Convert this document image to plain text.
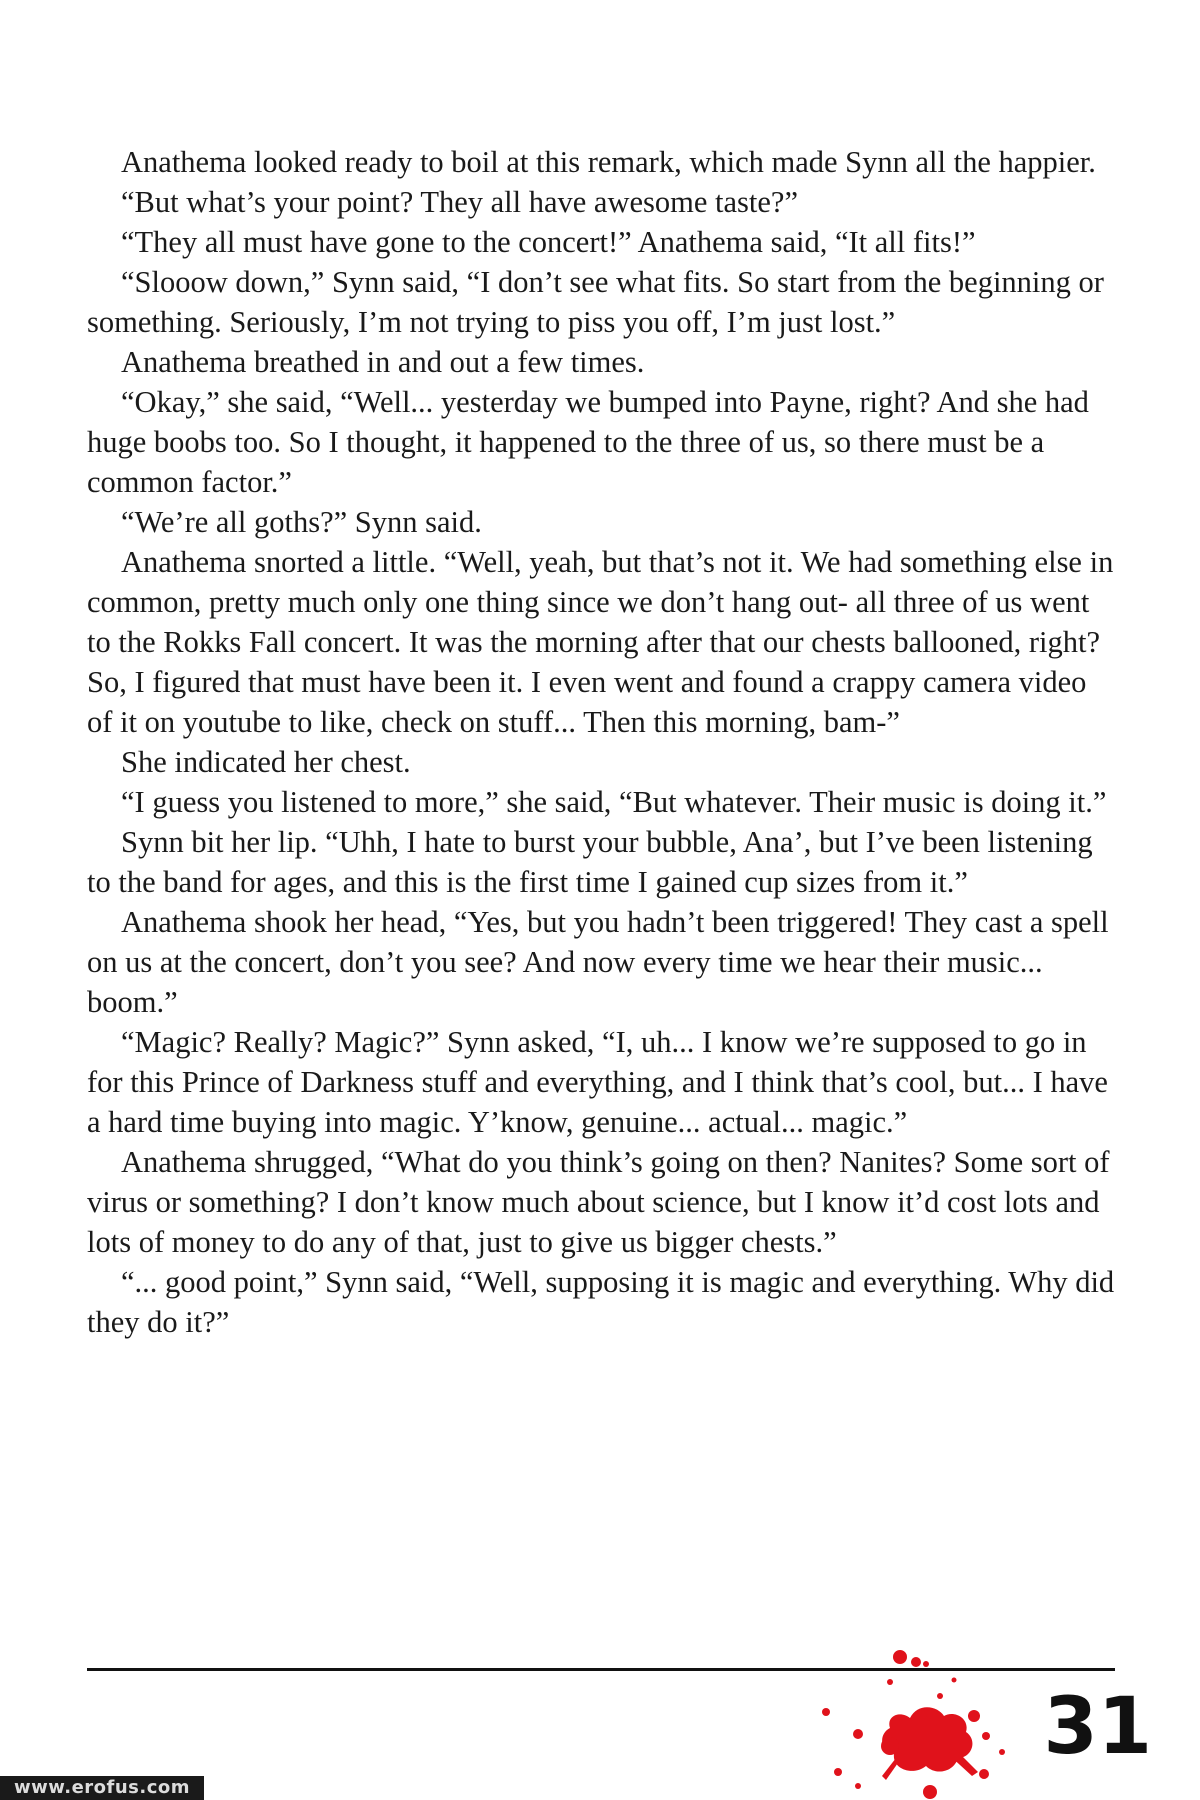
Anathema looked ready to boil at this remark, which made Synn all the happier.

“But what’s your point? They all have awesome taste?”

“They all must have gone to the concert!” Anathema said, “It all fits!”

“Slooow down,” Synn said, “I don’t see what fits. So start from the beginning or something. Seriously, I’m not trying to piss you off, I’m just lost.”

Anathema breathed in and out a few times.

“Okay,” she said, “Well... yesterday we bumped into Payne, right? And she had huge boobs too. So I thought, it happened to the three of us, so there must be a common factor.”

“We’re all goths?” Synn said.

Anathema snorted a little. “Well, yeah, but that’s not it. We had something else in common, pretty much only one thing since we don’t hang out- all three of us went to the Rokks Fall concert. It was the morning after that our chests ballooned, right? So, I figured that must have been it. I even went and found a crappy camera video of it on youtube to like, check on stuff... Then this morning, bam-”

She indicated her chest.

“I guess you listened to more,” she said, “But whatever. Their music is doing it.”

Synn bit her lip. “Uhh, I hate to burst your bubble, Ana’, but I’ve been listening to the band for ages, and this is the first time I gained cup sizes from it.”

Anathema shook her head, “Yes, but you hadn’t been triggered! They cast a spell on us at the concert, don’t you see? And now every time we hear their music... boom.”

“Magic? Really? Magic?” Synn asked, “I, uh... I know we’re supposed to go in for this Prince of Darkness stuff and everything, and I think that’s cool, but... I have a hard time buying into magic. Y’know, genuine... actual... magic.”

Anathema shrugged, “What do you think’s going on then? Nanites? Some sort of virus or something? I don’t know much about science, but I know it’d cost lots and lots of money to do any of that, just to give us bigger chests.”

“... good point,” Synn said, “Well, supposing it is magic and everything. Why did they do it?”

31
www.erofus.com
